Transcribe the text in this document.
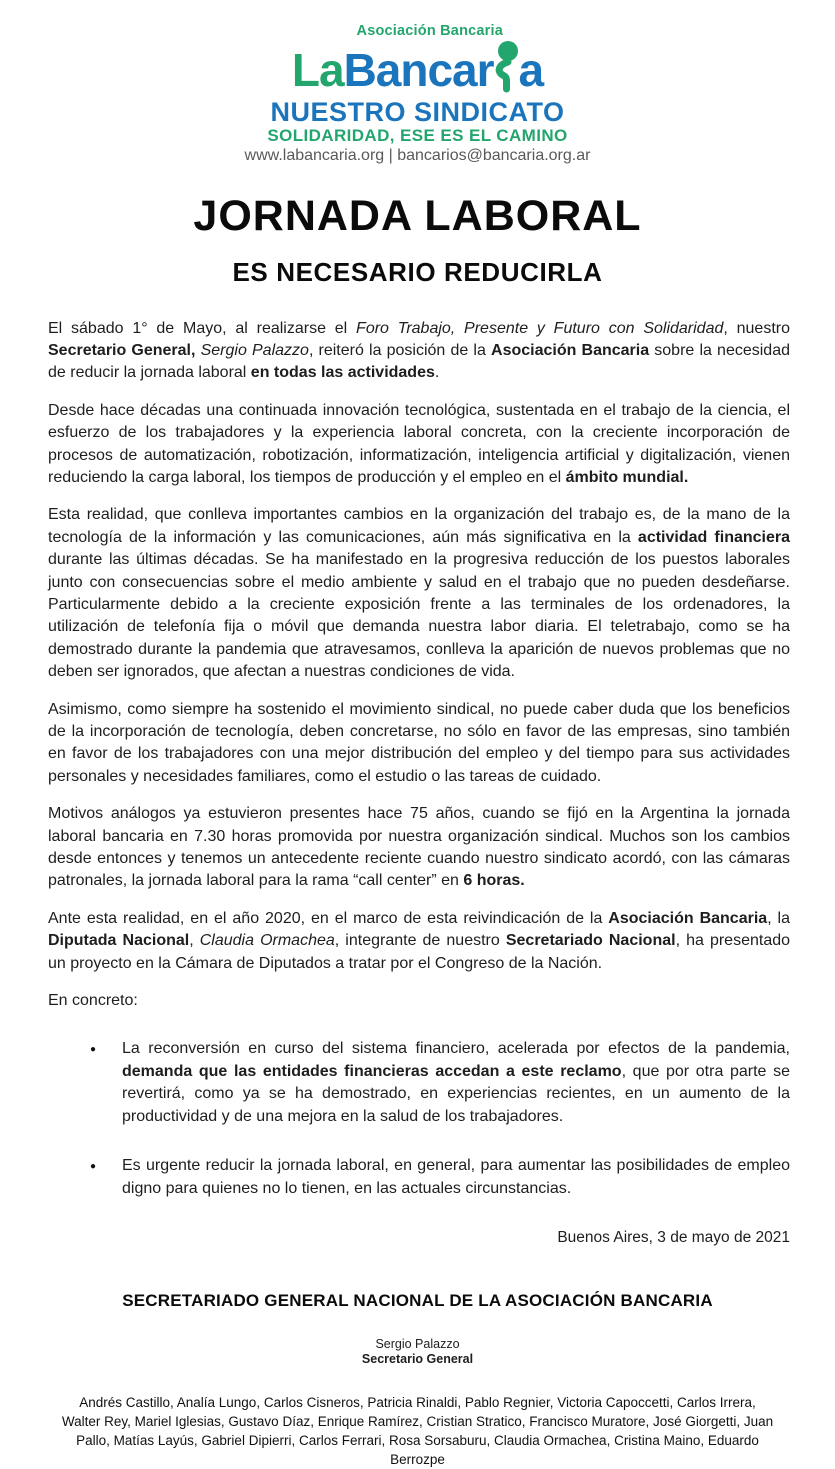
Asociación Bancaria
LaBancar a
NUESTRO SINDICATO
SOLIDARIDAD, ESE ES EL CAMINO
www.labancaria.org | bancarios@bancaria.org.ar
JORNADA LABORAL
ES NECESARIO REDUCIRLA

El sábado 1° de Mayo, al realizarse el Foro Trabajo, Presente y Futuro con Solidaridad, nuestro Secretario General, Sergio Palazzo, reiteró la posición de la Asociación Bancaria sobre la necesidad de reducir la jornada laboral en todas las actividades.

Desde hace décadas una continuada innovación tecnológica, sustentada en el trabajo de la ciencia, el esfuerzo de los trabajadores y la experiencia laboral concreta, con la creciente incorporación de procesos de automatización, robotización, informatización, inteligencia artificial y digitalización, vienen reduciendo la carga laboral, los tiempos de producción y el empleo en el ámbito mundial.

Esta realidad, que conlleva importantes cambios en la organización del trabajo es, de la mano de la tecnología de la información y las comunicaciones, aún más significativa en la actividad financiera durante las últimas décadas. Se ha manifestado en la progresiva reducción de los puestos laborales junto con consecuencias sobre el medio ambiente y salud en el trabajo que no pueden desdeñarse. Particularmente debido a la creciente exposición frente a las terminales de los ordenadores, la utilización de telefonía fija o móvil que demanda nuestra labor diaria. El teletrabajo, como se ha demostrado durante la pandemia que atravesamos, conlleva la aparición de nuevos problemas que no deben ser ignorados, que afectan a nuestras condiciones de vida.

Asimismo, como siempre ha sostenido el movimiento sindical, no puede caber duda que los beneficios de la incorporación de tecnología, deben concretarse, no sólo en favor de las empresas, sino también en favor de los trabajadores con una mejor distribución del empleo y del tiempo para sus actividades personales y necesidades familiares, como el estudio o las tareas de cuidado.

Motivos análogos ya estuvieron presentes hace 75 años, cuando se fijó en la Argentina la jornada laboral bancaria en 7.30 horas promovida por nuestra organización sindical. Muchos son los cambios desde entonces y tenemos un antecedente reciente cuando nuestro sindicato acordó, con las cámaras patronales, la jornada laboral para la rama “call center” en 6 horas.

Ante esta realidad, en el año 2020, en el marco de esta reivindicación de la Asociación Bancaria, la Diputada Nacional, Claudia Ormachea, integrante de nuestro Secretariado Nacional, ha presentado un proyecto en la Cámara de Diputados a tratar por el Congreso de la Nación.

En concreto:

● La reconversión en curso del sistema financiero, acelerada por efectos de la pandemia, demanda que las entidades financieras accedan a este reclamo, que por otra parte se revertirá, como ya se ha demostrado, en experiencias recientes, en un aumento de la productividad y de una mejora en la salud de los trabajadores.
● Es urgente reducir la jornada laboral, en general, para aumentar las posibilidades de empleo digno para quienes no lo tienen, en las actuales circunstancias.
Buenos Aires, 3 de mayo de 2021
SECRETARIADO GENERAL NACIONAL DE LA ASOCIACIÓN BANCARIA
Sergio Palazzo
Secretario General
Andrés Castillo, Analía Lungo, Carlos Cisneros, Patricia Rinaldi, Pablo Regnier, Victoria Capoccetti, Carlos Irrera, Walter Rey, Mariel Iglesias, Gustavo Díaz, Enrique Ramírez, Cristian Stratico, Francisco Muratore, José Giorgetti, Juan Pallo, Matías Layús, Gabriel Dipierri, Carlos Ferrari, Rosa Sorsaburu, Claudia Ormachea, Cristina Maino, Eduardo Berrozpe
